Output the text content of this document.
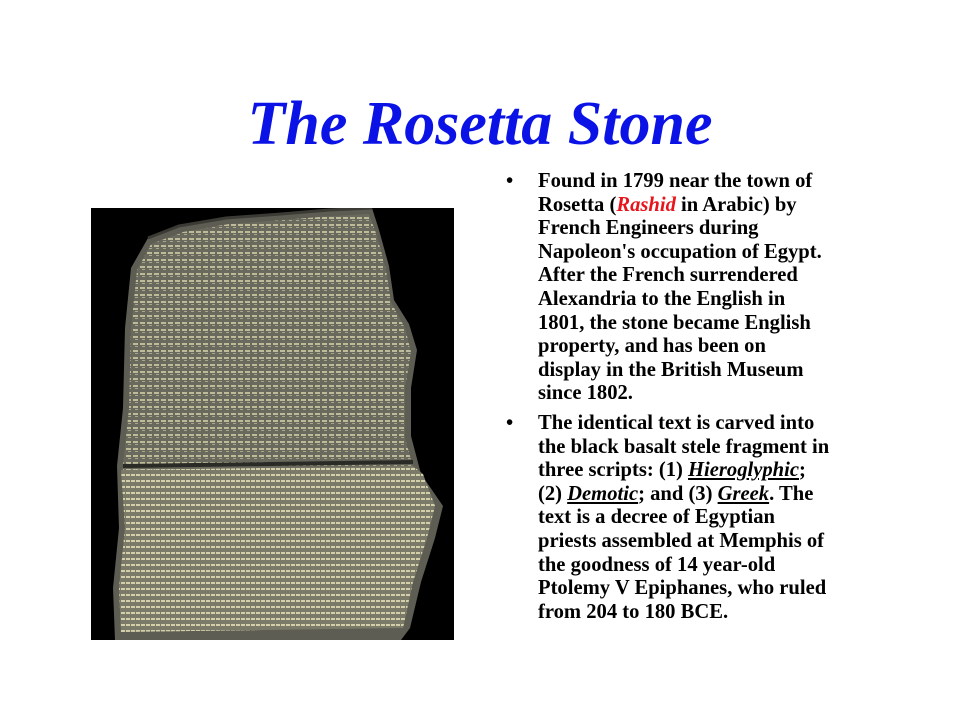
The Rosetta Stone
• Found in 1799 near the town of
Rosetta (Rashid in Arabic) by
French Engineers during
Napoleon's occupation of Egypt.
After the French surrendered
Alexandria to the English in
1801, the stone became English
property, and has been on
display in the British Museum
since 1802.
• The identical text is carved into
the black basalt stele fragment in
three scripts: (1) Hieroglyphic;
(2) Demotic; and (3) Greek. The
text is a decree of Egyptian
priests assembled at Memphis of
the goodness of 14 year-old
Ptolemy V Epiphanes, who ruled
from 204 to 180 BCE.
